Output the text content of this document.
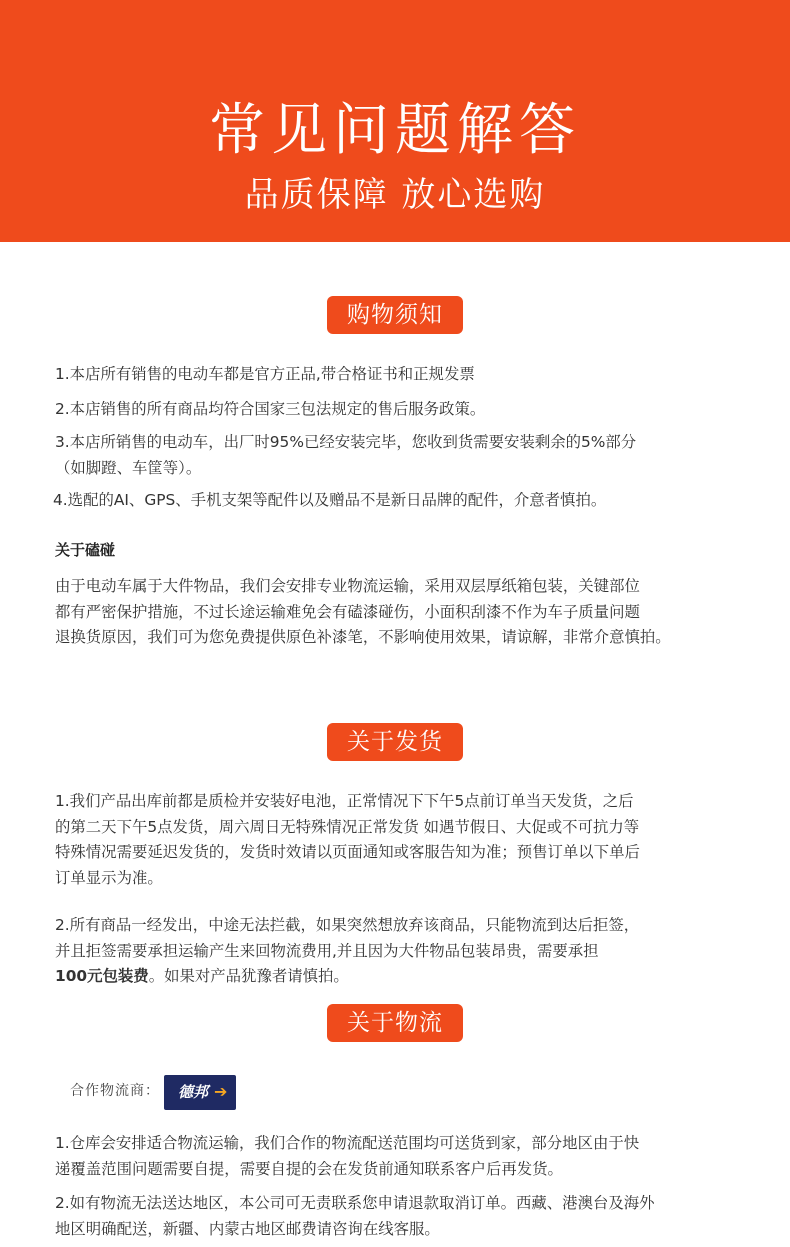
常见问题解答
品质保障 放心选购
购物须知
1.本店所有销售的电动车都是官方正品,带合格证书和正规发票
2.本店销售的所有商品均符合国家三包法规定的售后服务政策。
3.本店所销售的电动车，出厂时95%已经安装完毕，您收到货需要安装剩余的5%部分
（如脚蹬、车筐等）。
4.选配的AI、GPS、手机支架等配件以及赠品不是新日品牌的配件，介意者慎拍。
关于磕碰
由于电动车属于大件物品，我们会安排专业物流运输，采用双层厚纸箱包装，关键部位
都有严密保护措施，不过长途运输难免会有磕漆碰伤，小面积刮漆不作为车子质量问题
退换货原因，我们可为您免费提供原色补漆笔，不影响使用效果，请谅解，非常介意慎拍。
关于发货
1.我们产品出库前都是质检并安装好电池，正常情况下下午5点前订单当天发货，之后
的第二天下午5点发货，周六周日无特殊情况正常发货 如遇节假日、大促或不可抗力等
特殊情况需要延迟发货的，发货时效请以页面通知或客服告知为准；预售订单以下单后
订单显示为准。
2.所有商品一经发出，中途无法拦截，如果突然想放弃该商品，只能物流到达后拒签，
并且拒签需要承担运输产生来回物流费用,并且因为大件物品包装昂贵，需要承担
100元包装费。如果对产品犹豫者请慎拍。
关于物流
合作物流商： 德邦 ➔
1.仓库会安排适合物流运输，我们合作的物流配送范围均可送货到家，部分地区由于快
递覆盖范围问题需要自提，需要自提的会在发货前通知联系客户后再发货。
2.如有物流无法送达地区，本公司可无责联系您申请退款取消订单。西藏、港澳台及海外
地区明确配送，新疆、内蒙古地区邮费请咨询在线客服。
